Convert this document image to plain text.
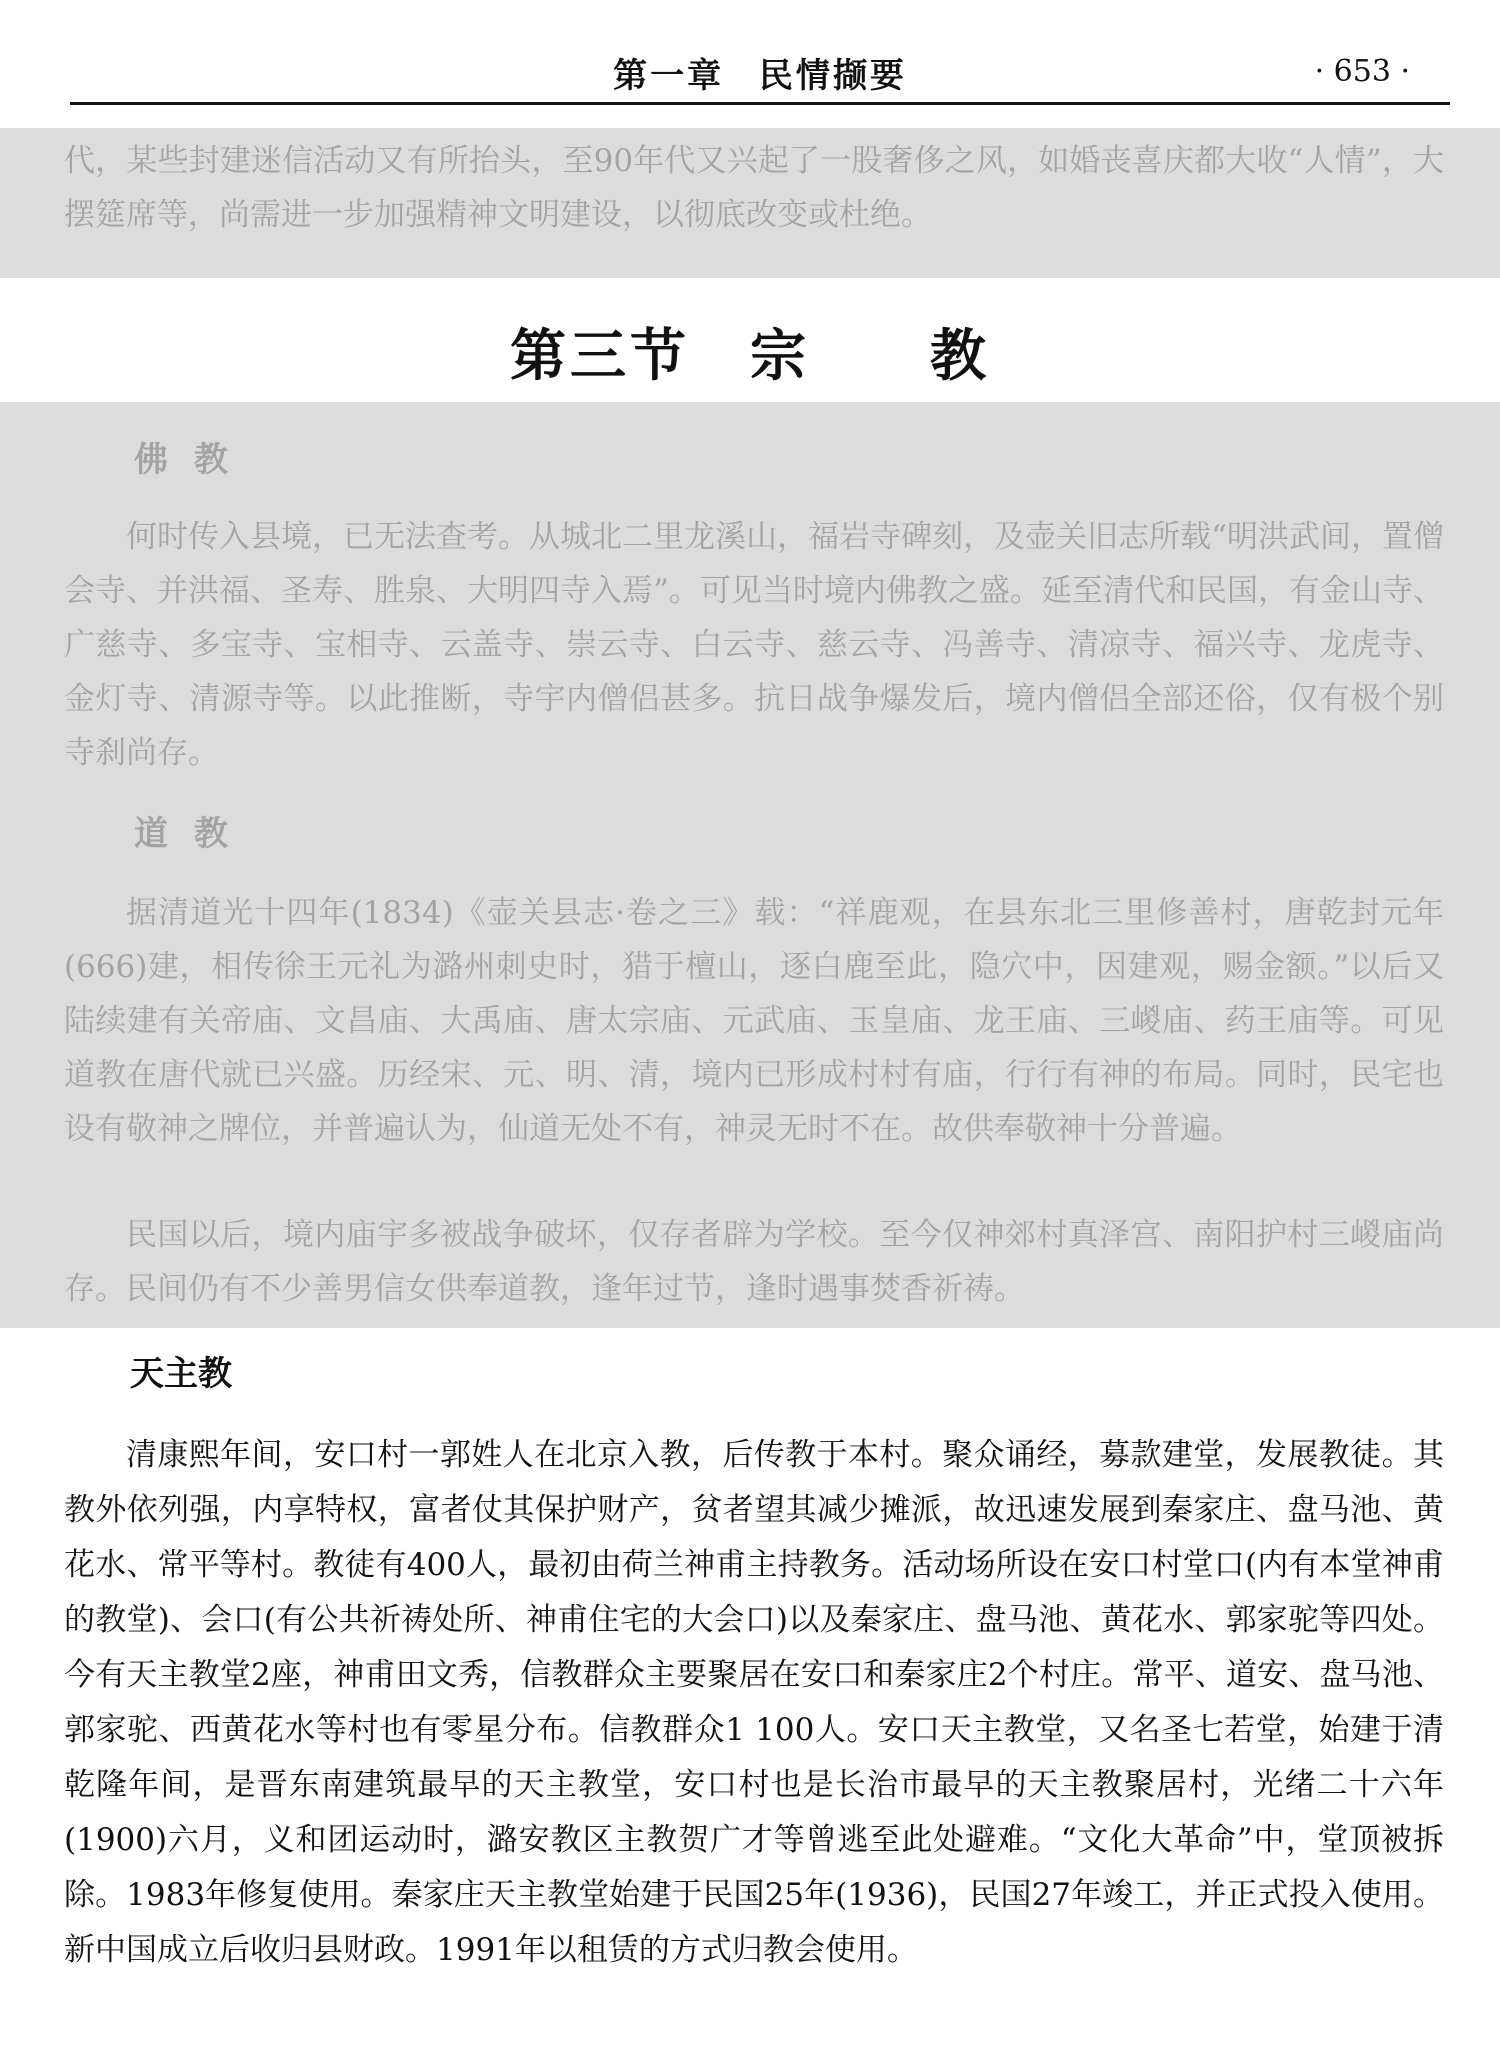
第一章 民情撷要	· 653 ·

代，某些封建迷信活动又有所抬头，至90年代又兴起了一股奢侈之风，如婚丧喜庆都大收“人情”，大摆筵席等，尚需进一步加强精神文明建设，以彻底改变或杜绝。

第三节 宗 教
佛教

何时传入县境，已无法查考。从城北二里龙溪山，福岩寺碑刻，及壶关旧志所载“明洪武间，置僧会寺、并洪福、圣寿、胜泉、大明四寺入焉”。可见当时境内佛教之盛。延至清代和民国，有金山寺、广慈寺、多宝寺、宝相寺、云盖寺、崇云寺、白云寺、慈云寺、冯善寺、清凉寺、福兴寺、龙虎寺、金灯寺、清源寺等。以此推断，寺宇内僧侣甚多。抗日战争爆发后，境内僧侣全部还俗，仅有极个别寺刹尚存。

道教

据清道光十四年(1834)《壶关县志·卷之三》载：“祥鹿观，在县东北三里修善村，唐乾封元年(666)建，相传徐王元礼为潞州刺史时，猎于檀山，逐白鹿至此，隐穴中，因建观，赐金额。”以后又陆续建有关帝庙、文昌庙、大禹庙、唐太宗庙、元武庙、玉皇庙、龙王庙、三嵕庙、药王庙等。可见道教在唐代就已兴盛。历经宋、元、明、清，境内已形成村村有庙，行行有神的布局。同时，民宅也设有敬神之牌位，并普遍认为，仙道无处不有，神灵无时不在。故供奉敬神十分普遍。

民国以后，境内庙宇多被战争破坏，仅存者辟为学校。至今仅神郊村真泽宫、南阳护村三嵕庙尚存。民间仍有不少善男信女供奉道教，逢年过节，逢时遇事焚香祈祷。

天主教

清康熙年间，安口村一郭姓人在北京入教，后传教于本村。聚众诵经，募款建堂，发展教徒。其教外依列强，内享特权，富者仗其保护财产，贫者望其减少摊派，故迅速发展到秦家庄、盘马池、黄花水、常平等村。教徒有400人，最初由荷兰神甫主持教务。活动场所设在安口村堂口(内有本堂神甫的教堂)、会口(有公共祈祷处所、神甫住宅的大会口)以及秦家庄、盘马池、黄花水、郭家驼等四处。今有天主教堂2座，神甫田文秀，信教群众主要聚居在安口和秦家庄2个村庄。常平、道安、盘马池、郭家驼、西黄花水等村也有零星分布。信教群众1 100人。安口天主教堂，又名圣七若堂，始建于清乾隆年间，是晋东南建筑最早的天主教堂，安口村也是长治市最早的天主教聚居村，光绪二十六年(1900)六月，义和团运动时，潞安教区主教贺广才等曾逃至此处避难。“文化大革命”中，堂顶被拆除。1983年修复使用。秦家庄天主教堂始建于民国25年(1936)，民国27年竣工，并正式投入使用。新中国成立后收归县财政。1991年以租赁的方式归教会使用。
